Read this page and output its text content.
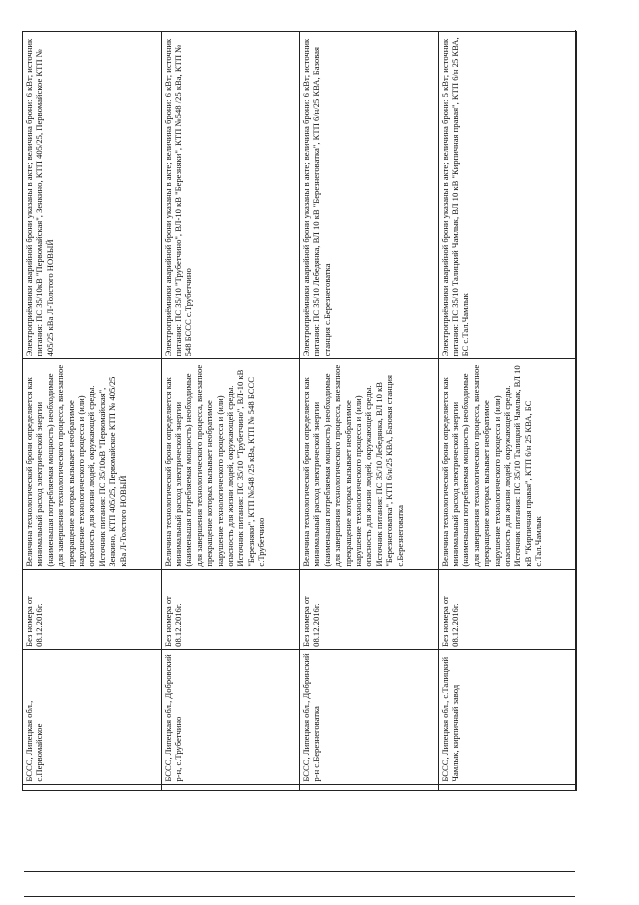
	БССС, Липецкая обл., с.Первомайское	Без номера от 08.12.2016г.	Величина технологической брони определяется как минимальный расход электрической энергии (наименьшая потребляемая мощность) необходимые для завершения технологического процесса, внезапное прекращение которых вызывает необратимое нарушение технологического процесса и (или) опасность для жизни людей, окружающей среды. Источник питания: ПС 35/10кВ "Первомайская", Зенкино, КТП 405/25, Первомайское КТП № 405/25 кВа Л-Толстого НОВЫЙ	Электроприёмники аварийной брони указаны в акте; величина брони: 6 кВт; источник питания: ПС 35/10кВ "Первомайская", Зенкино, КТП 405/25, Первомайское КТП № 405/25 кВа Л-Толстого НОВЫЙ
	БССС, Липецкая обл., Добровский р-н, с.Трубетчино	Без номера от 08.12.2016г.	Величина технологической брони определяется как минимальный расход электрической энергии (наименьшая потребляемая мощность) необходимые для завершения технологического процесса, внезапное прекращение которых вызывает необратимое нарушение технологического процесса и (или) опасность для жизни людей, окружающей среды. Источник питания: ПС 35/10 "Трубетчино", ВЛ-10 кВ "Березняки", КТП №548 /25 кВа, КТП № 548 БССС с.Трубетчино	Электроприёмники аварийной брони указаны в акте; величина брони: 6 кВт; источник питания: ПС 35/10 "Трубетчино", ВЛ-10 кВ "Березняки", КТП №548 /25 кВа, КТП № 548 БССС с.Трубетчино
	БССС, Липецкая обл., Добринский р-н с.Березнеговатка	Без номера от 08.12.2016г.	Величина технологической брони определяется как минимальный расход электрической энергии (наименьшая потребляемая мощность) необходимые для завершения технологического процесса, внезапное прекращение которых вызывает необратимое нарушение технологического процесса и (или) опасность для жизни людей, окружающей среды. Источник питания: ПС 35/10 Лебедянка, ВЛ 10 кВ "Березнеговатка", КТП 6/н/25 КВА, Базовая станция с.Березнеговатка	Электроприёмники аварийной брони указаны в акте; величина брони: 6 кВт; источник питания: ПС 35/10 Лебедянка, ВЛ 10 кВ "Березнеговатка", КТП 6/н/25 КВА, Базовая станция с.Березнеговатка
	БССС, Липецкая обл., с.Талицкий Чамлык, кирпичный завод	Без номера от 08.12.2016г.	Величина технологической брони определяется как минимальный расход электрической энергии (наименьшая потребляемая мощность) необходимые для завершения технологического процесса, внезапное прекращение которых вызывает необратимое нарушение технологического процесса и (или) опасность для жизни людей, окружающей среды. Источник питания: ПС 35/10 Талицкий Чамлык, ВЛ 10 кВ "Кирпичная правая", КТП 6/н 25 КВА, БС с.Тал.Чамлык	Электроприёмники аварийной брони указаны в акте; величина брони: 5 кВт; источник питания: ПС 35/10 Талицкий Чамлык, ВЛ 10 кВ "Кирпичная правая", КТП 6/н 25 КВА, БС с.Тал.Чамлык
